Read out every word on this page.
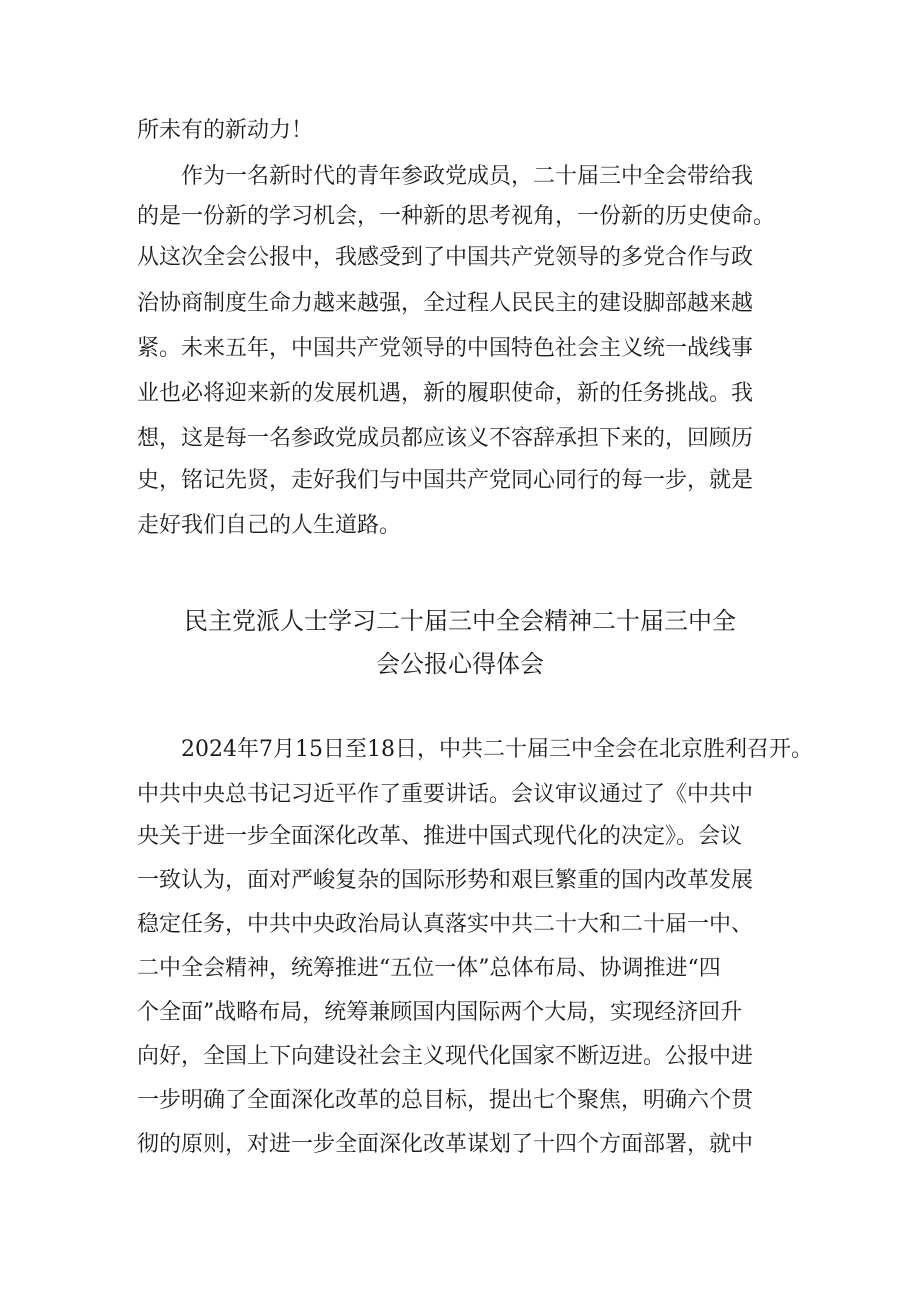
所未有的新动力！
　　作为一名新时代的青年参政党成员，二十届三中全会带给我
的是一份新的学习机会，一种新的思考视角，一份新的历史使命。
从这次全会公报中，我感受到了中国共产党领导的多党合作与政
治协商制度生命力越来越强，全过程人民民主的建设脚部越来越
紧。未来五年，中国共产党领导的中国特色社会主义统一战线事
业也必将迎来新的发展机遇，新的履职使命，新的任务挑战。我
想，这是每一名参政党成员都应该义不容辞承担下来的，回顾历
史，铭记先贤，走好我们与中国共产党同心同行的每一步，就是
走好我们自己的人生道路。
民主党派人士学习二十届三中全会精神二十届三中全
会公报心得体会
　　2024年7月15日至18日，中共二十届三中全会在北京胜利召开。
中共中央总书记习近平作了重要讲话。会议审议通过了《中共中
央关于进一步全面深化改革、推进中国式现代化的决定》。会议
一致认为，面对严峻复杂的国际形势和艰巨繁重的国内改革发展
稳定任务，中共中央政治局认真落实中共二十大和二十届一中、
二中全会精神，统筹推进“五位一体”总体布局、协调推进“四
个全面”战略布局，统筹兼顾国内国际两个大局，实现经济回升
向好，全国上下向建设社会主义现代化国家不断迈进。公报中进
一步明确了全面深化改革的总目标，提出七个聚焦，明确六个贯
彻的原则，对进一步全面深化改革谋划了十四个方面部署，就中
